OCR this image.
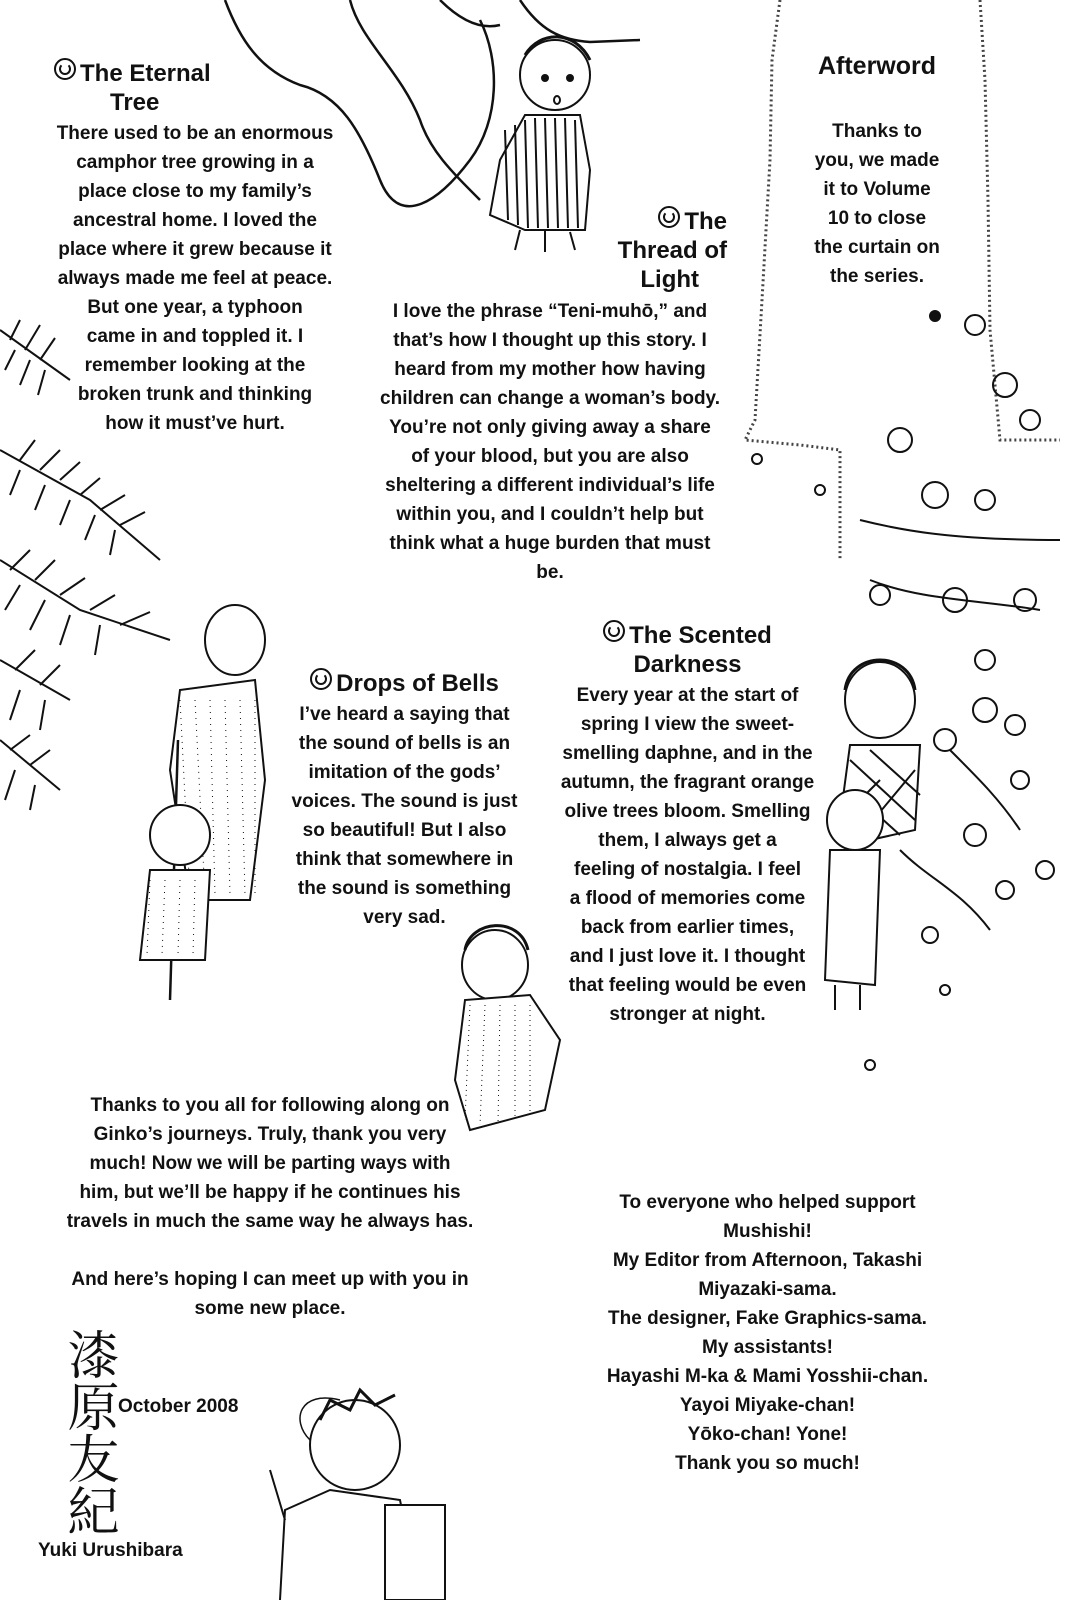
Afterword

Thanks to
you, we made
it to Volume
10 to close
the curtain on
the series.

The Eternal
Tree

There used to be an enormous
camphor tree growing in a
place close to my family’s
ancestral home. I loved the
place where it grew because it
always made me feel at peace.
But one year, a typhoon
came in and toppled it. I
remember looking at the
broken trunk and thinking
how it must’ve hurt.

The
Thread of
Light

I love the phrase “Teni-muhō,” and
that’s how I thought up this story. I
heard from my mother how having
children can change a woman’s body.
You’re not only giving away a share
of your blood, but you are also
sheltering a different individual’s life
within you, and I couldn’t help but
think what a huge burden that must
be.

Drops of Bells

I’ve heard a saying that
the sound of bells is an
imitation of the gods’
voices. The sound is just
so beautiful! But I also
think that somewhere in
the sound is something
very sad.

The Scented
Darkness

Every year at the start of
spring I view the sweet-
smelling daphne, and in the
autumn, the fragrant orange
olive trees bloom. Smelling
them, I always get a
feeling of nostalgia. I feel
a flood of memories come
back from earlier times,
and I just love it. I thought
that feeling would be even
stronger at night.

Thanks to you all for following along on
Ginko’s journeys. Truly, thank you very
much! Now we will be parting ways with
him, but we’ll be happy if he continues his
travels in much the same way he always has.

And here’s hoping I can meet up with you in
some new place.

To everyone who helped support
Mushishi!
My Editor from Afternoon, Takashi
Miyazaki-sama.
The designer, Fake Graphics-sama.
My assistants!
Hayashi M-ka & Mami Yosshii-chan.
Yayoi Miyake-chan!
Yōko-chan! Yone!
Thank you so much!

漆原友紀 October 2008
Yuki Urushibara
